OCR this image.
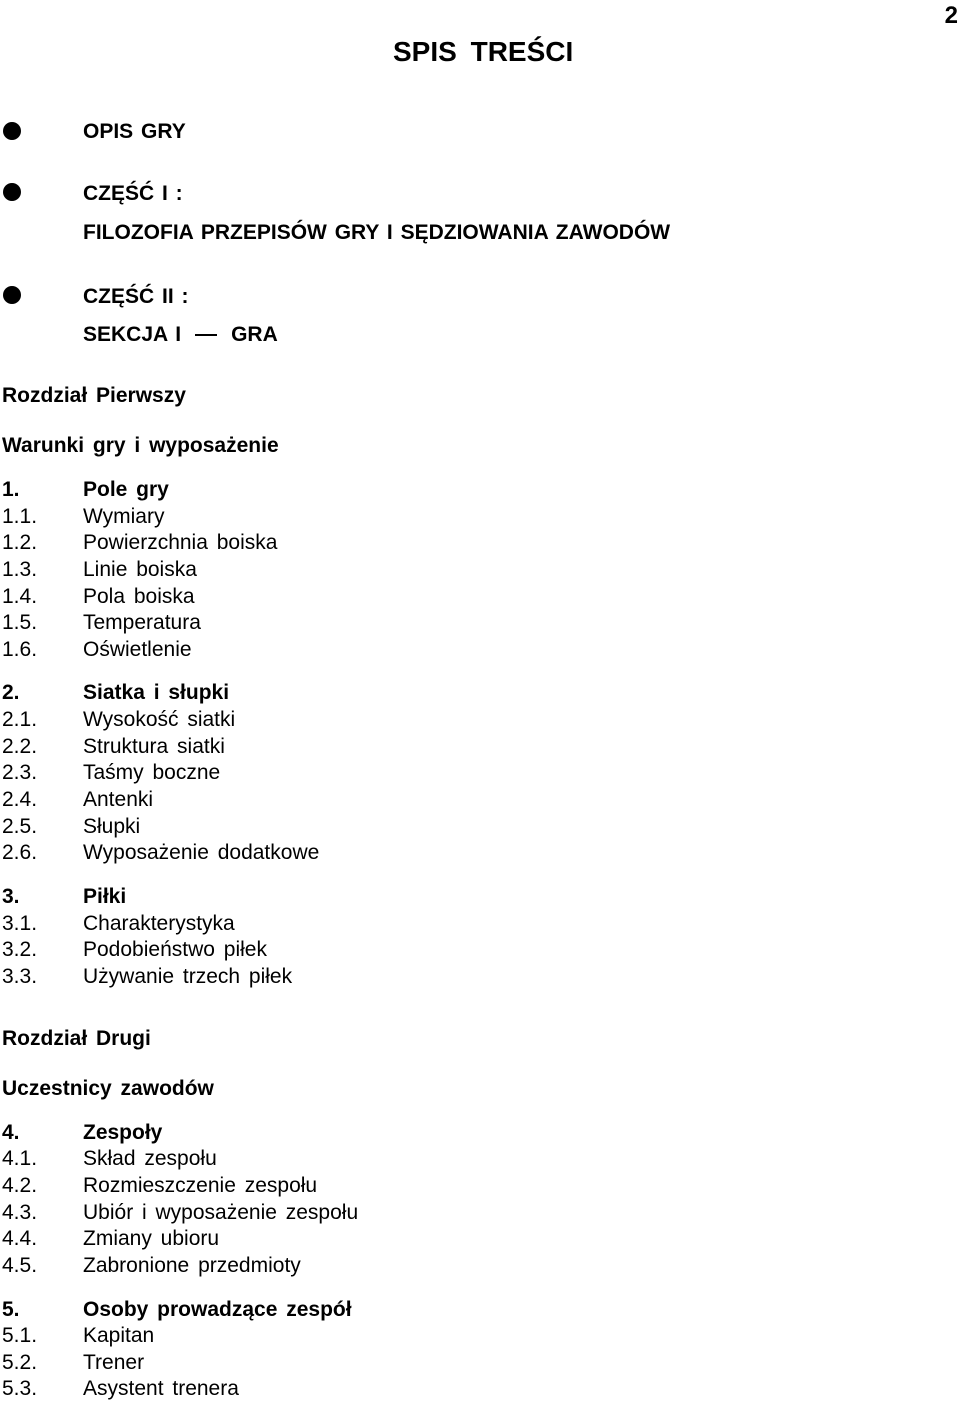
2
SPIS TREŚCI
OPIS GRY
CZĘŚĆ I :
FILOZOFIA PRZEPISÓW GRY I SĘDZIOWANIA ZAWODÓW
CZĘŚĆ II :
SEKCJA I GRA
Rozdział Pierwszy
Warunki gry i wyposażenie
1.	Pole gry
1.1. Wymiary
1.2. Powierzchnia boiska
1.3. Linie boiska
1.4. Pola boiska
1.5. Temperatura
1.6. Oświetlenie
2.	Siatka i słupki
2.1. Wysokość siatki
2.2. Struktura siatki
2.3. Taśmy boczne
2.4. Antenki
2.5. Słupki
2.6. Wyposażenie dodatkowe
3.	Piłki
3.1. Charakterystyka
3.2. Podobieństwo piłek
3.3. Używanie trzech piłek
Rozdział Drugi
Uczestnicy zawodów
4.	Zespoły
4.1. Skład zespołu
4.2. Rozmieszczenie zespołu
4.3. Ubiór i wyposażenie zespołu
4.4. Zmiany ubioru
4.5. Zabronione przedmioty
5.	Osoby prowadzące zespół
5.1. Kapitan
5.2. Trener
5.3. Asystent trenera
